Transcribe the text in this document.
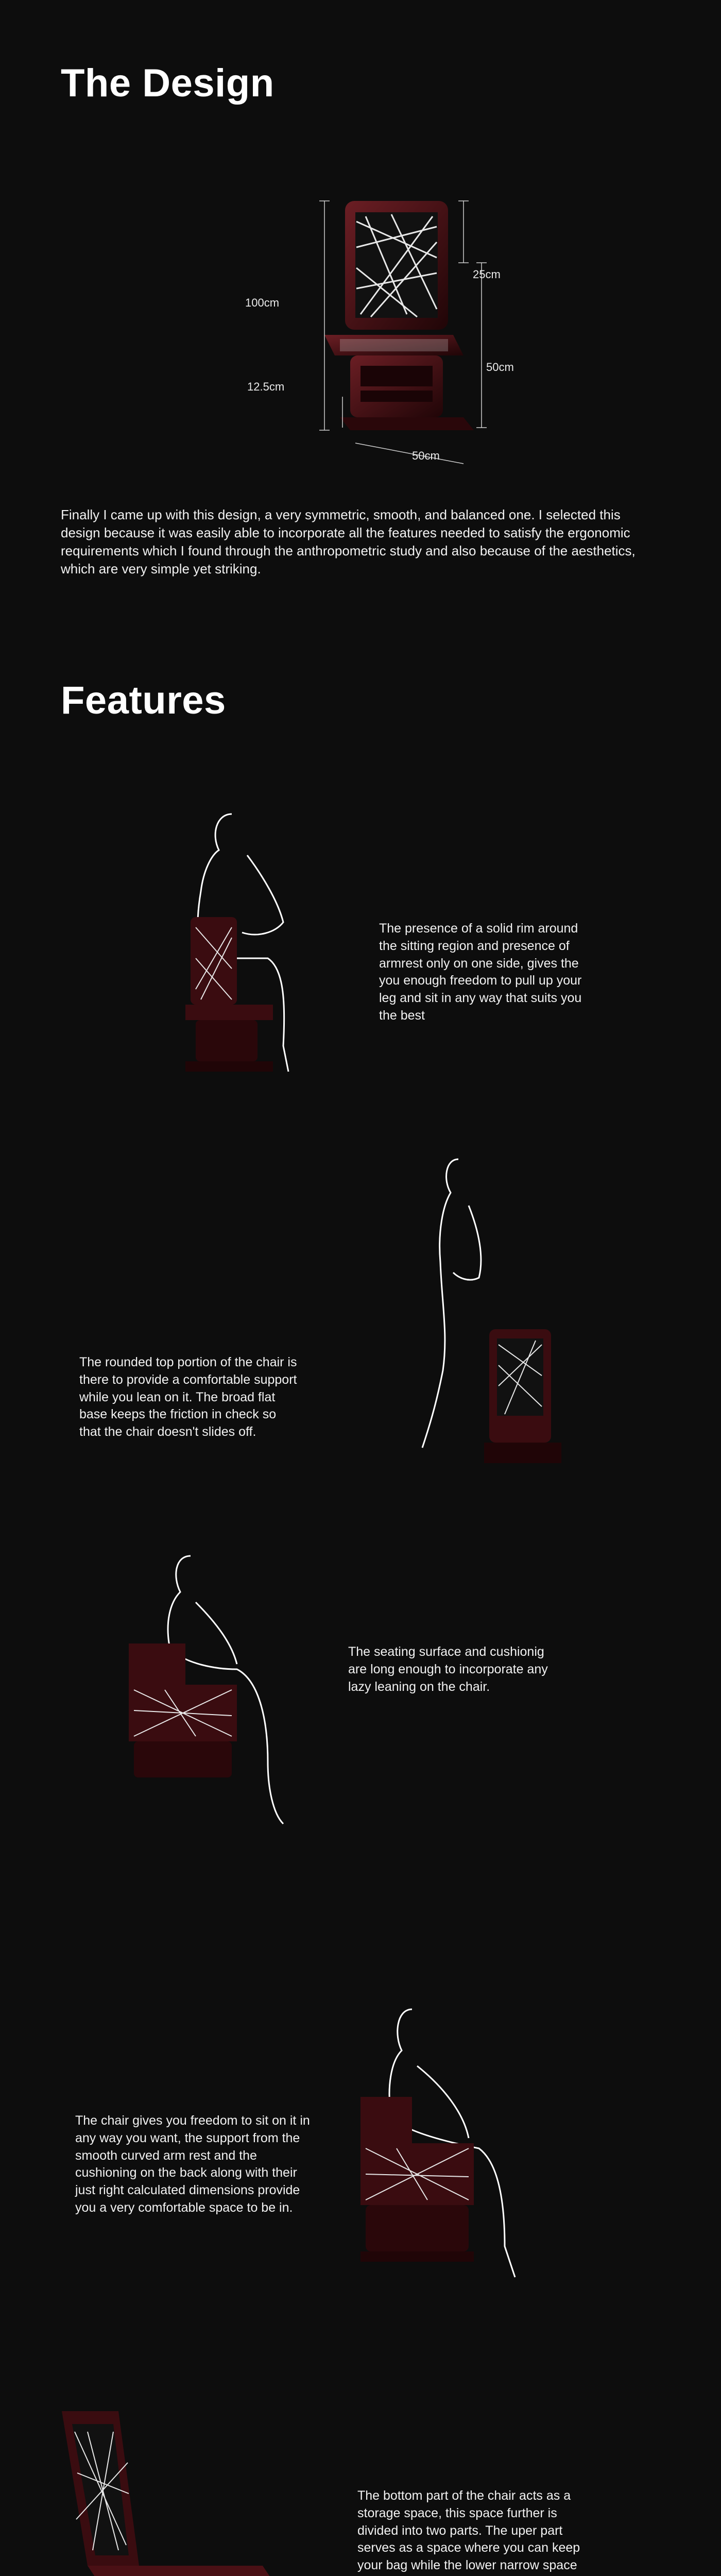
The Design
100cm
25cm
50cm
12.5cm
50cm

Finally I came up with this design, a very symmetric, smooth, and balanced one. I selected this design because it was easily able to incorporate all the features needed to satisfy the ergonomic requirements which I found through the anthropometric study and also because of the aesthetics, which are very simple yet striking.

Features

The presence of a solid rim around the sitting region and presence of armrest only on one side, gives the you enough freedom to pull up your leg and sit in any way that suits you the best

The rounded top portion of the chair is there to provide a comfortable support while you lean on it. The broad flat base keeps the friction in check so that the chair doesn't slides off.

The seating surface and cushionig are long enough to incorporate any lazy leaning on the chair.

The chair gives you freedom to sit on it in any way you want, the support from the smooth curved arm rest and the cushioning on the back along with their just right calculated dimensions provide you a very comfortable space to be in.

The bottom part of the chair acts as a storage space, this space further is divided into two parts. The uper part serves as a space where you can keep your bag while the lower narrow space
